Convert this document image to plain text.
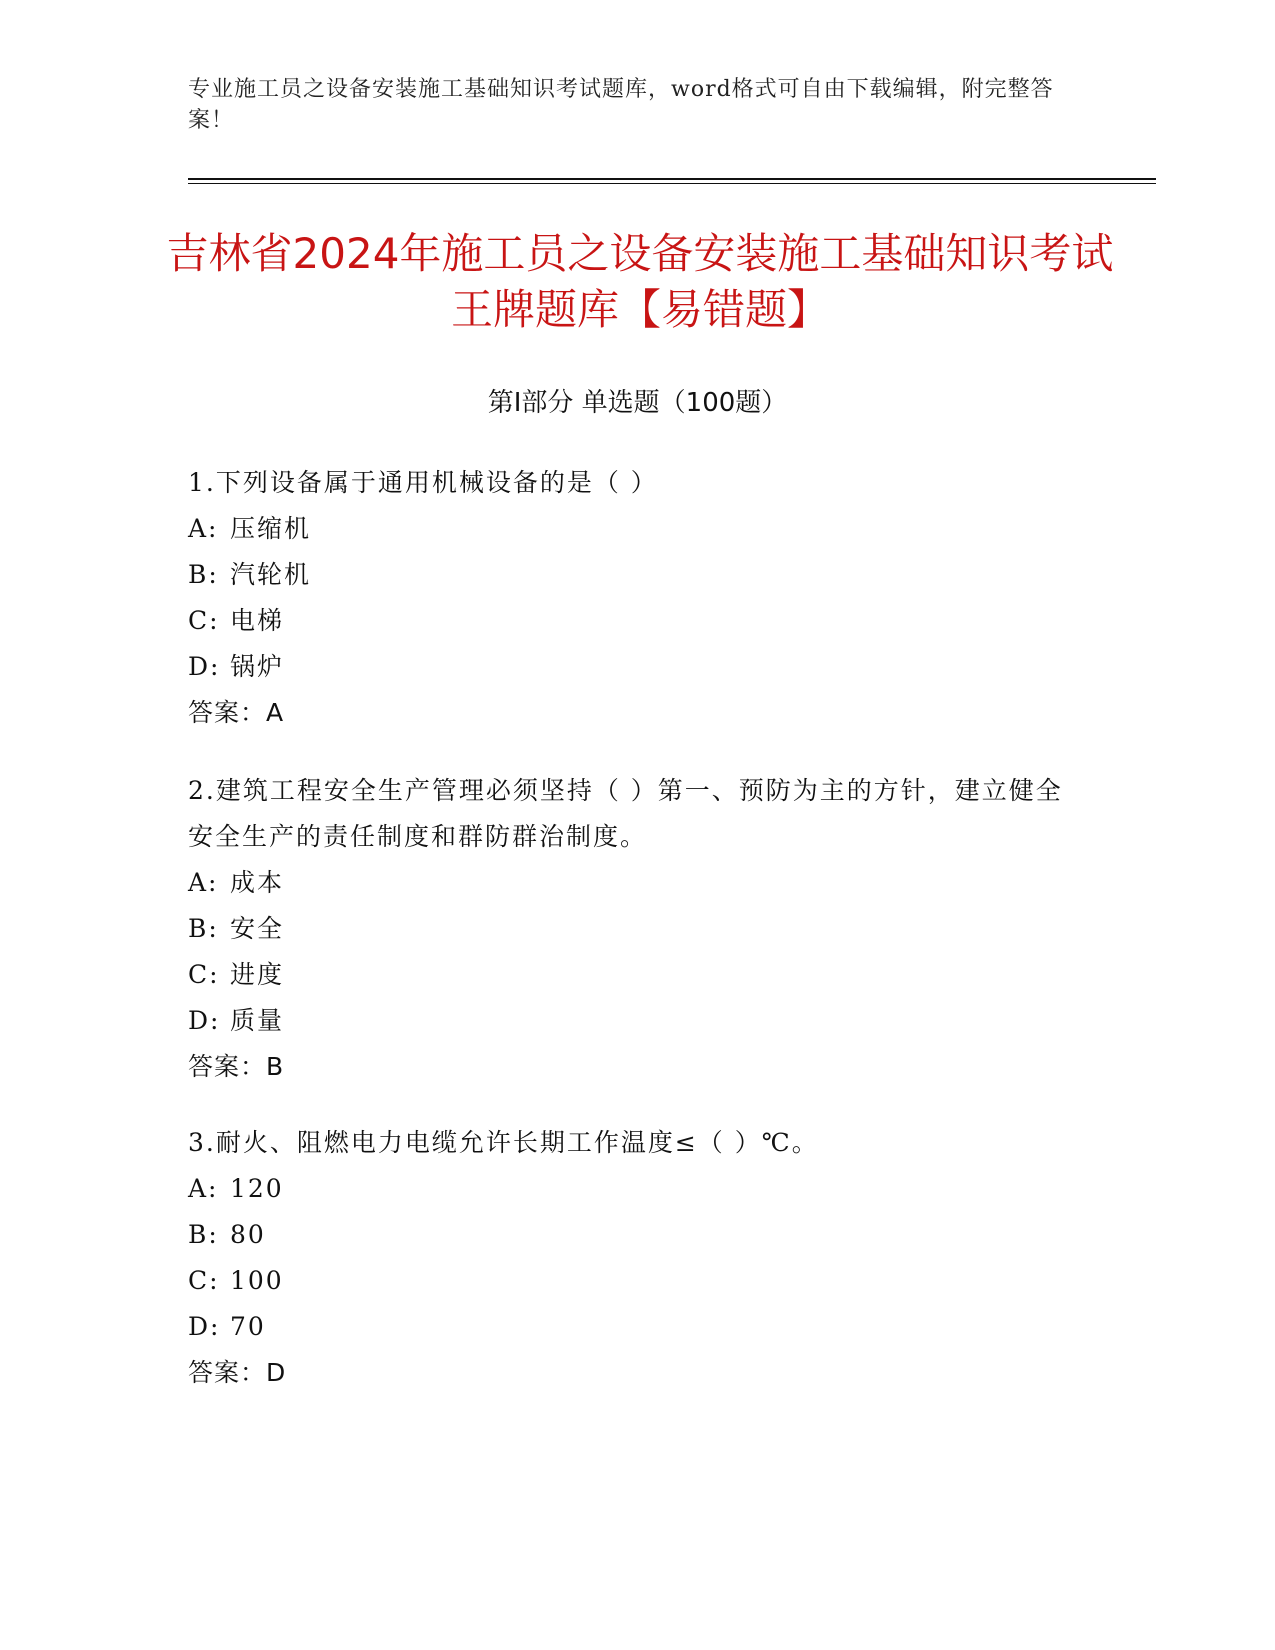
专业施工员之设备安装施工基础知识考试题库，word格式可自由下载编辑，附完整答案！
吉林省2024年施工员之设备安装施工基础知识考试王牌题库【易错题】
第I部分 单选题（100题）
1.下列设备属于通用机械设备的是（ ）
A: 压缩机
B: 汽轮机
C: 电梯
D: 锅炉
答案：A
2.建筑工程安全生产管理必须坚持（ ）第一、预防为主的方针，建立健全安全生产的责任制度和群防群治制度。
A: 成本
B: 安全
C: 进度
D: 质量
答案：B
3.耐火、阻燃电力电缆允许长期工作温度≤（ ）℃。
A: 120
B: 80
C: 100
D: 70
答案：D
